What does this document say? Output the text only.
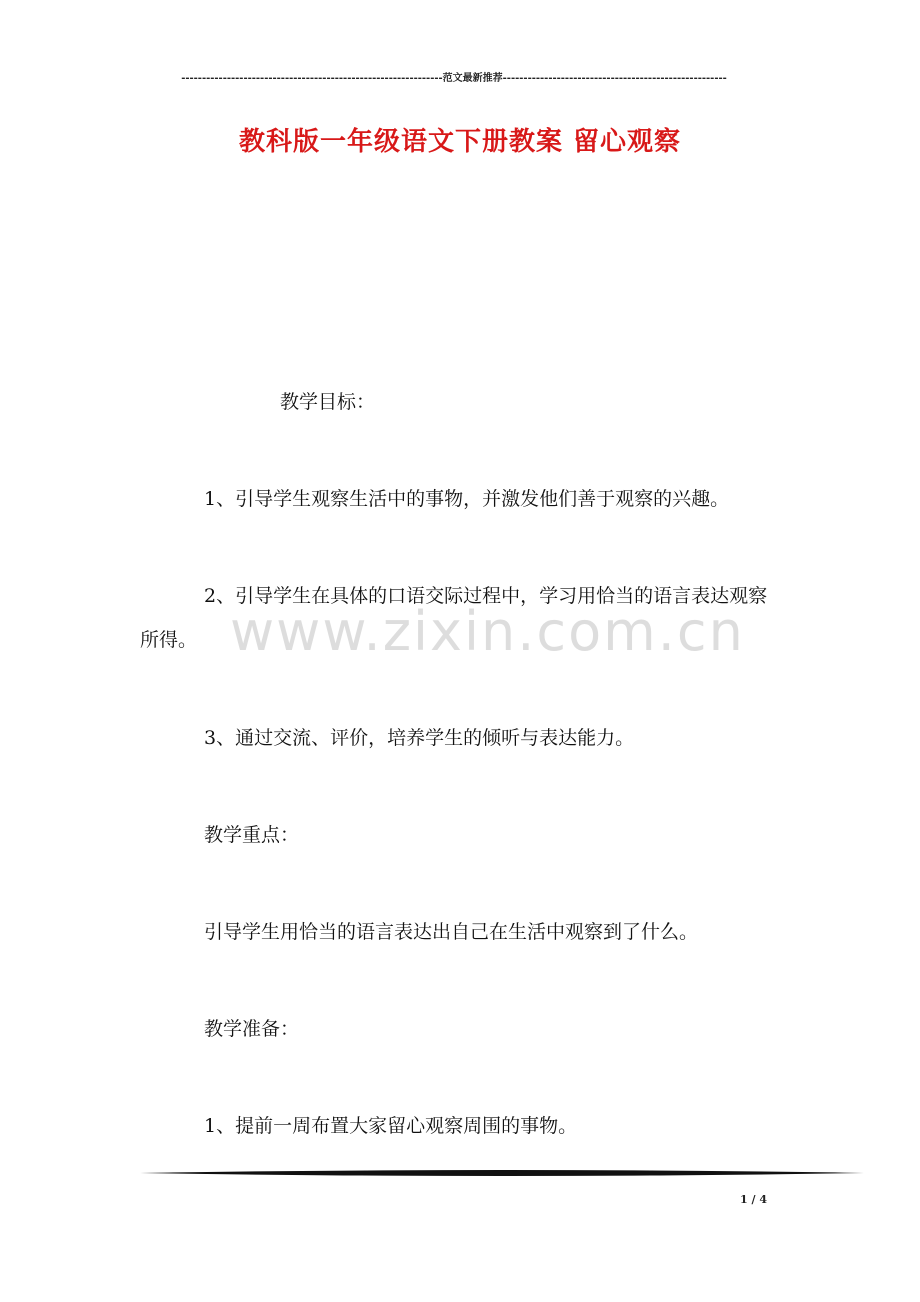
---------------------------------------------------------------范文最新推荐------------------------------------------------------
教科版一年级语文下册教案 留心观察
教学目标：
1、引导学生观察生活中的事物，并激发他们善于观察的兴趣。
2、引导学生在具体的口语交际过程中，学习用恰当的语言表达观察所得。
3、通过交流、评价，培养学生的倾听与表达能力。
教学重点：
引导学生用恰当的语言表达出自己在生活中观察到了什么。
教学准备：
1、提前一周布置大家留心观察周围的事物。
www.zixin.com.cn
1 / 4
